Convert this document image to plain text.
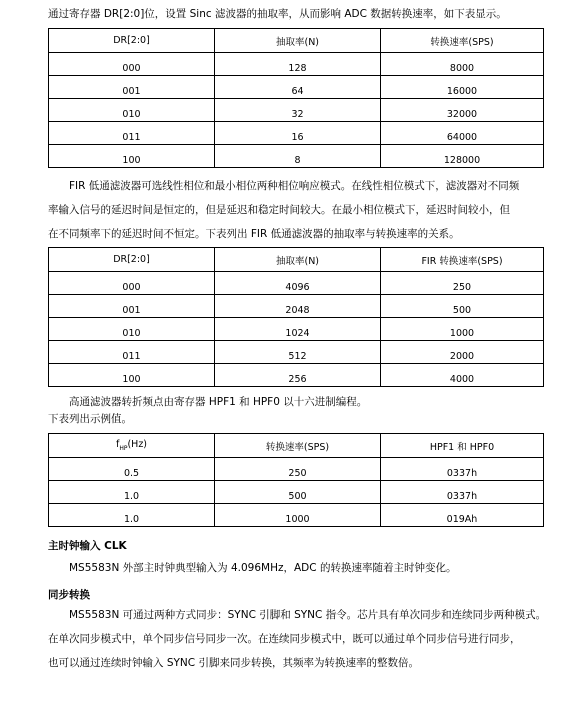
通过寄存器 DR[2:0]位，设置 Sinc 滤波器的抽取率，从而影响 ADC 数据转换速率，如下表显示。
DR[2:0]	抽取率(N)	转换速率(SPS)
000	128	8000
001	64	16000
010	32	32000
011	16	64000
100	8	128000
FIR 低通滤波器可选线性相位和最小相位两种相位响应模式。在线性相位模式下，滤波器对不同频
率输入信号的延迟时间是恒定的，但是延迟和稳定时间较大。在最小相位模式下，延迟时间较小，但
在不同频率下的延迟时间不恒定。下表列出 FIR 低通滤波器的抽取率与转换速率的关系。
DR[2:0]	抽取率(N)	FIR 转换速率(SPS)
000	4096	250
001	2048	500
010	1024	1000
011	512	2000
100	256	4000
高通滤波器转折频点由寄存器 HPF1 和 HPF0 以十六进制编程。
下表列出示例值。
$f_{HP}(Hz)$	转换速率(SPS)	HPF1 和 HPF0
0.5	250	0337h
1.0	500	0337h
1.0	1000	019Ah
主时钟输入 CLK
MS5583N 外部主时钟典型输入为 4.096MHz，ADC 的转换速率随着主时钟变化。
同步转换
MS5583N 可通过两种方式同步：SYNC 引脚和 SYNC 指令。芯片具有单次同步和连续同步两种模式。
在单次同步模式中，单个同步信号同步一次。在连续同步模式中，既可以通过单个同步信号进行同步，
也可以通过连续时钟输入 SYNC 引脚来同步转换，其频率为转换速率的整数倍。
